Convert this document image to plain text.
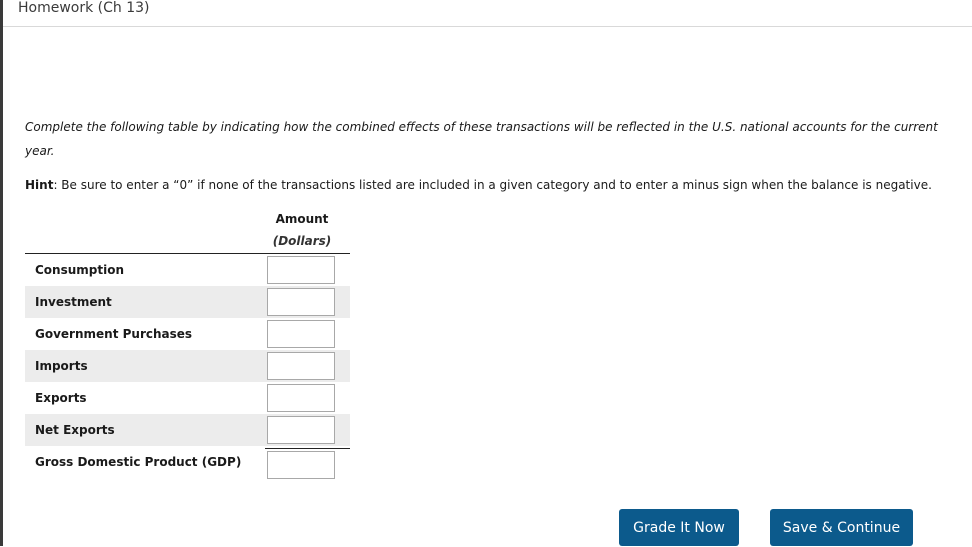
Homework (Ch 13)
Complete the following table by indicating how the combined effects of these transactions will be reflected in the U.S. national accounts for the current year.
Hint: Be sure to enter a “0” if none of the transactions listed are included in a given category and to enter a minus sign when the balance is negative.
Amount
(Dollars)
Consumption
Investment
Government Purchases
Imports
Exports
Net Exports
Gross Domestic Product (GDP)
Grade It Now	Save & Continue
